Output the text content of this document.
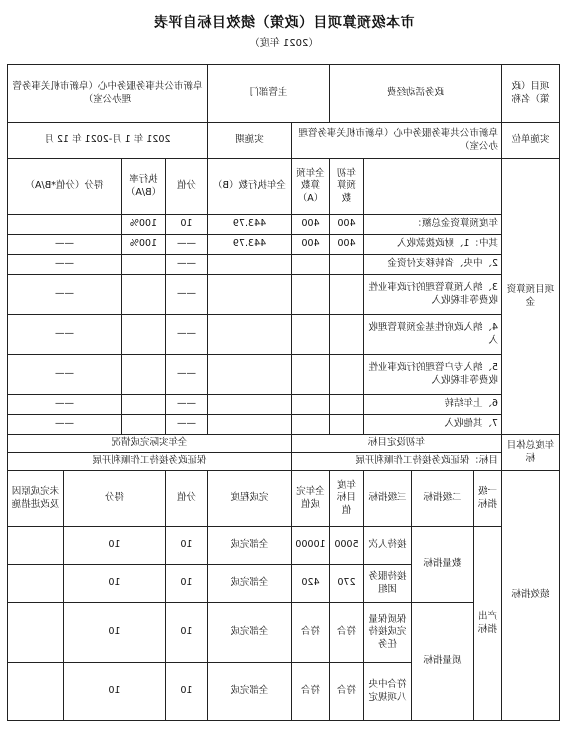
市本级预算项目（政策）绩效目标自评表
（2021 年度）
项目（政策）名称	政务活动经费				主管部门		阜新市公共事务服务中心（阜新市机关事务管理办公室）			
实施单位	阜新市公共事务服务中心（阜新市机关事务管理办公室）					实施期	2021 年 1 月-2021 年 12 月			
项目预算资金				年初预算数	全年预算数（A）	全年执行数（B）	分值	执行率（B/A）	得分（分值*B/A）	
	年度预算资金总额：			400	400	443.79	10	100%		
	其中：1、财政拨款收入			400	400	443.79	——	100%	——	
	2、中央、省转移支付资金						——		——	
	3、纳入预算管理的行政事业性收费等非税收入						——		——	
	4、纳入政府性基金预算管理收入						——		——	
	5、纳入专户管理的行政事业性收费等非税收入						——		——	
	6、上年结转						——		——	
	7、其他收入						——		——	
年度总体目标	年初设定目标					全年实际完成情况				
	目标：保证政务接待工作顺利开展					保证政务接待工作顺利开展				
绩效指标	一级指标	二级指标	三级指标	年度目标值	全年完成值	完成程度	分值	得分		未完成原因及改进措施
	产出指标	数量指标	接待人次	5000	10000	全部完成	10	10		
			接待服务团组	270	420	全部完成	10	10		
		质量指标	保质保量完成接待任务	符合	符合	全部完成	10	10		
			符合中央八项规定	符合	符合	全部完成	10	10		
